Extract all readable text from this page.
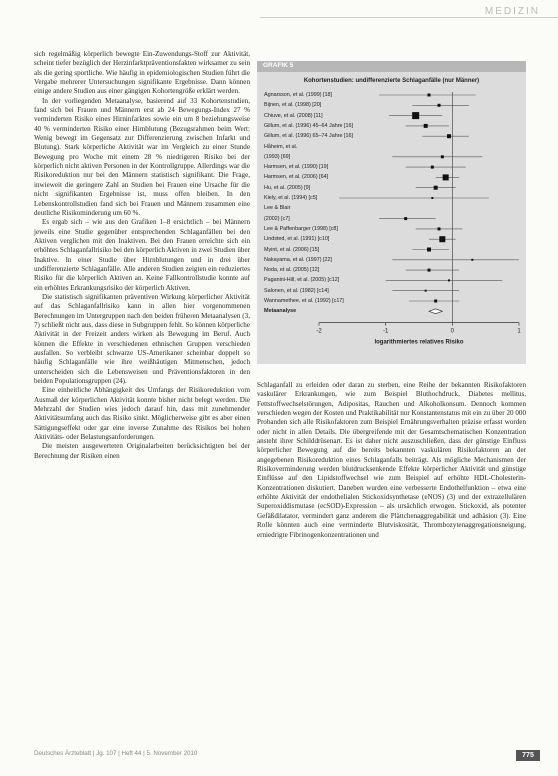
MEDIZIN

sich regelmäßig körperlich bewegte Ein-Zuwendungs-Stoff zur Aktivität, scheint tiefer bezüglich der Herzinfarktpräventionsfakten wirksamer zu sein als die gering sportliche. Wie häufig in epidemiologischen Studien führt die Vergabe mehrerer Untersuchungen signifikante Ergebnisse. Dann können einige andere Studien aus einer gängigen Kohortengröße erklärt werden.

In der vorliegenden Metaanalyse, basierend auf 33 Kohortenstudien, fand sich bei Frauen und Männern erst ab 24 Bewegungs-Index 27 % verminderten Risiko eines Hirninfarktes sowie ein um 8 beziehungsweise 40 % verminderten Risiko einer Hirnblutung (Bezugsrahmen beim Wert: Wenig bewegt im Gegensatz zur Differenzierung zwischen Infarkt und Blutung). Stark körperliche Aktivität war im Vergleich zu einer Stunde Bewegung pro Woche mit einem 28 % niedrigeren Risiko bei der körperlich nicht aktiven Personen in der Kontrollgruppe. Allerdings war die Risikoreduktion nur bei den Männern statistisch signifikant. Die Frage, inwieweit die geringere Zahl an Studien bei Frauen eine Ursache für die nicht signifikanten Ergebnisse ist, muss offen bleiben. In den Lebenskontrollstudien fand sich bei Frauen und Männern zusammen eine deutliche Risikominderung um 60 %.

Es ergab sich – wie aus den Grafiken 1–8 ersichtlich – bei Männern jeweils eine Studie gegenüber entsprechenden Schlaganfällen bei den Aktiven verglichen mit den Inaktiven. Bei den Frauen erreichte sich ein erhöhtes Schlaganfallrisiko bei den körperlich Aktiven in zwei Studien über Inaktive. In einer Studie über Hirnblutungen und in drei über undifferenzierte Schlaganfälle. Alle anderen Studien zeigten ein reduziertes Risiko für die körperlich Aktiven an. Keine Fallkontrollstudie konnte auf ein erhöhtes Erkrankungsrisiko der körperlich Aktiven.

Die statistisch signifikanten präventiven Wirkung körperlicher Aktivität auf das Schlaganfallrisiko kann in allen hier vorgenommenen Berechnungen im Untergruppen nach den beiden früheren Metaanalysen (3, 7) schließt nicht aus, dass diese in Subgruppen fehlt. So können körperliche Aktivität in der Freizeit anders wirken als Bewegung im Beruf. Auch können die Effekte in verschiedenen ethnischen Gruppen verschieden ausfallen. So verbleibt schwarze US-Amerikaner scheinbar doppelt so häufig Schlaganfälle wie ihre weißhäutigen Mitmenschen, jedoch unterscheiden sich die Lebensweisen und Präventionsfaktoren in den beiden Populationsgruppen (24).

Eine einheitliche Abhängigkeit des Umfangs der Risikoreduktion vom Ausmaß der körperlichen Aktivität konnte bisher nicht belegt werden. Die Mehrzahl der Studien wies jedoch darauf hin, dass mit zunehmender Aktivitätsumfang auch das Risiko sinkt. Möglicherweise gibt es aber einen Sättigungseffekt oder gar eine inverse Zunahme des Risikos bei hohen Aktivitäts- oder Belastungsanforderungen.

Die meisten ausgewerteten Originalarbeiten berücksichtigten bei der Berechnung der Risiken einen

GRAFIK 5
Kohortenstudien: undifferenzierte Schlaganfälle (nur Männer)
Agnarsson, et al. (1999) [18]
Bijnen, et al. (1998) [20]
Chiuve, et al. (2008) [11]
Gillum, et al. (1996) 45–64 Jahre [16]
Gillum, et al. (1996) 65–74 Jahre [16]
Håheim, et al.
(1993) [69]
Harmsen, et al. (1990) [19]
Harmsen, et al. (2006) [64]
Hu, et al. (2005) [9]
Kiely, et al. (1994) [c5]
Lee & Blair
(2002) [c7]
Lee & Paffenbarger (1998) [c8]
Lindsted, et al. (1991) [c10]
Myint, et al. (2006) [15]
Nakayama, et al. (1997) [22]
Noda, et al. (2005) [12]
Paganini-Hill, et al. (2005) [c12]
Salonen, et al. (1982) [c14]
Wannamethee, et al. (1992) [c17]
Metaanalyse
-2	-1	0	1
logarithmiertes relatives Risiko

Schlaganfall zu erleiden oder daran zu sterben, eine Reihe der bekannten Risikofaktoren vaskulärer Erkrankungen, wie zum Beispiel Bluthochdruck, Diabetes mellitus, Fettstoffwechselstörungen, Adipositas, Rauchen und Alkoholkonsum. Dennoch kommen verschieden wegen der Kosten und Praktikabilität nur Konstantenstatus mit ein zu über 20 000 Probanden sich alle Risikofaktoren zum Beispiel Ernährungsverhalten präzise erfasst worden oder nicht in allen Details. Die übergreifende mit der Gesamtschematischen Konzentration ansteht ihrer Schilddrüsenart. Es ist daher nicht auszuschließen, dass der günstige Einfluss körperlicher Bewegung auf die bereits bekannten vaskulären Risikofaktoren an der angegebenen Risikoreduktion eines Schlaganfalls beiträgt. Als mögliche Mechanismen der Risikoverminderung werden blutdrucksenkende Effekte körperlicher Aktivität und günstige Einflüsse auf den Lipidstoffwechsel wie zum Beispiel auf erhöhte HDL-Cholesterin-Konzentrationen diskutiert. Daneben wurden eine verbesserte Endothelfunktion – etwa eine erhöhte Aktivität der endothelialen Stickoxidsynthetase (eNOS) (3) und der extrazellulären Superoxiddismutase (ecSOD)-Expression – als ursächlich erwogen. Stickoxid, als potenter Gefäßdilatator, vermindert ganz anderem die Plättchenaggregabilität und adhäsion (3). Eine Rolle könnten auch eine verminderte Blutviskosität, Thrombozytenaggregationsneigung, erniedrigte Fibrinogenkonzentrationen und

Deutsches Ärzteblatt | Jg. 107 | Heft 44 | 5. November 2010	775
